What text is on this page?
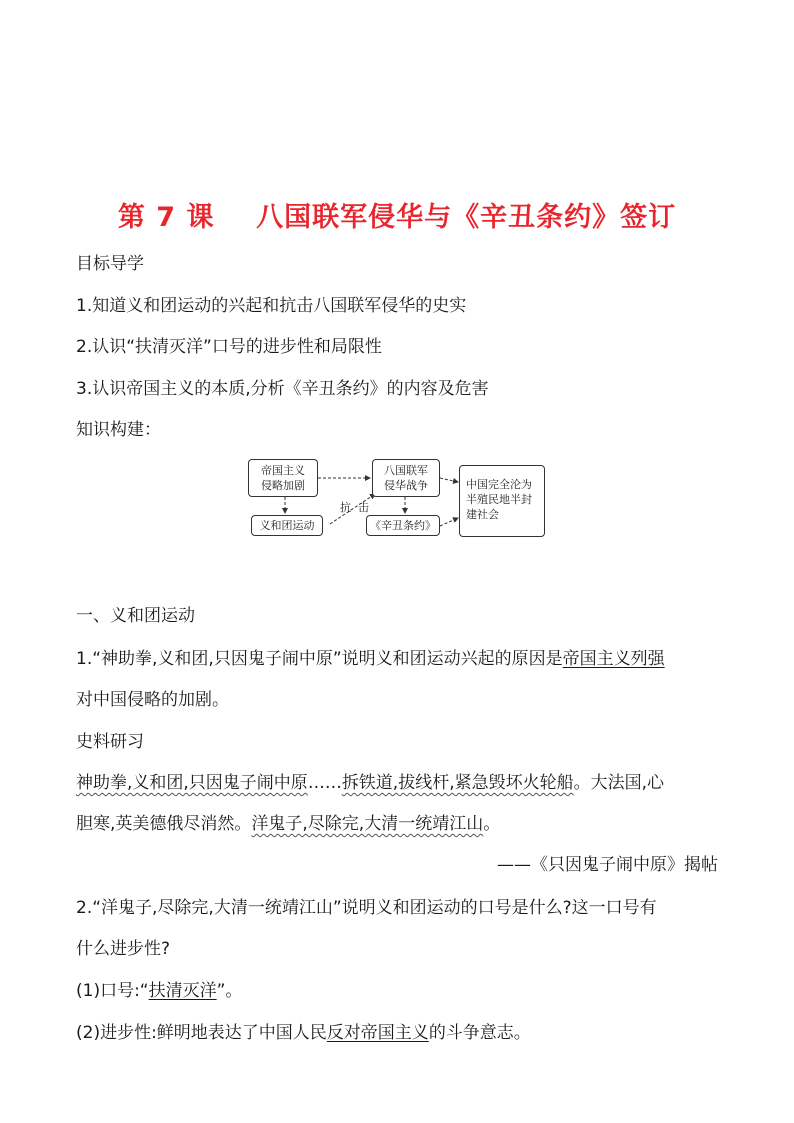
第 7 课    八国联军侵华与《辛丑条约》签订
目标导学
1.知道义和团运动的兴起和抗击八国联军侵华的史实
2.认识“扶清灭洋”口号的进步性和局限性
3.认识帝国主义的本质,分析《辛丑条约》的内容及危害
知识构建：
帝国主义
侵略加剧
义和团运动
抗  击
八国联军
侵华战争
《辛丑条约》
中国完全沦为
半殖民地半封
建社会
一、义和团运动
1.“神助拳,义和团,只因鬼子闹中原”说明义和团运动兴起的原因是帝国主义列强
对中国侵略的加剧。
史料研习
神助拳,义和团,只因鬼子闹中原……拆铁道,拔线杆,紧急毁坏火轮船。大法国,心
胆寒,英美德俄尽消然。洋鬼子,尽除完,大清一统靖江山。
——《只因鬼子闹中原》揭帖
2.“洋鬼子,尽除完,大清一统靖江山”说明义和团运动的口号是什么?这一口号有
什么进步性?
(1)口号:“扶清灭洋”。
(2)进步性:鲜明地表达了中国人民反对帝国主义的斗争意志。
